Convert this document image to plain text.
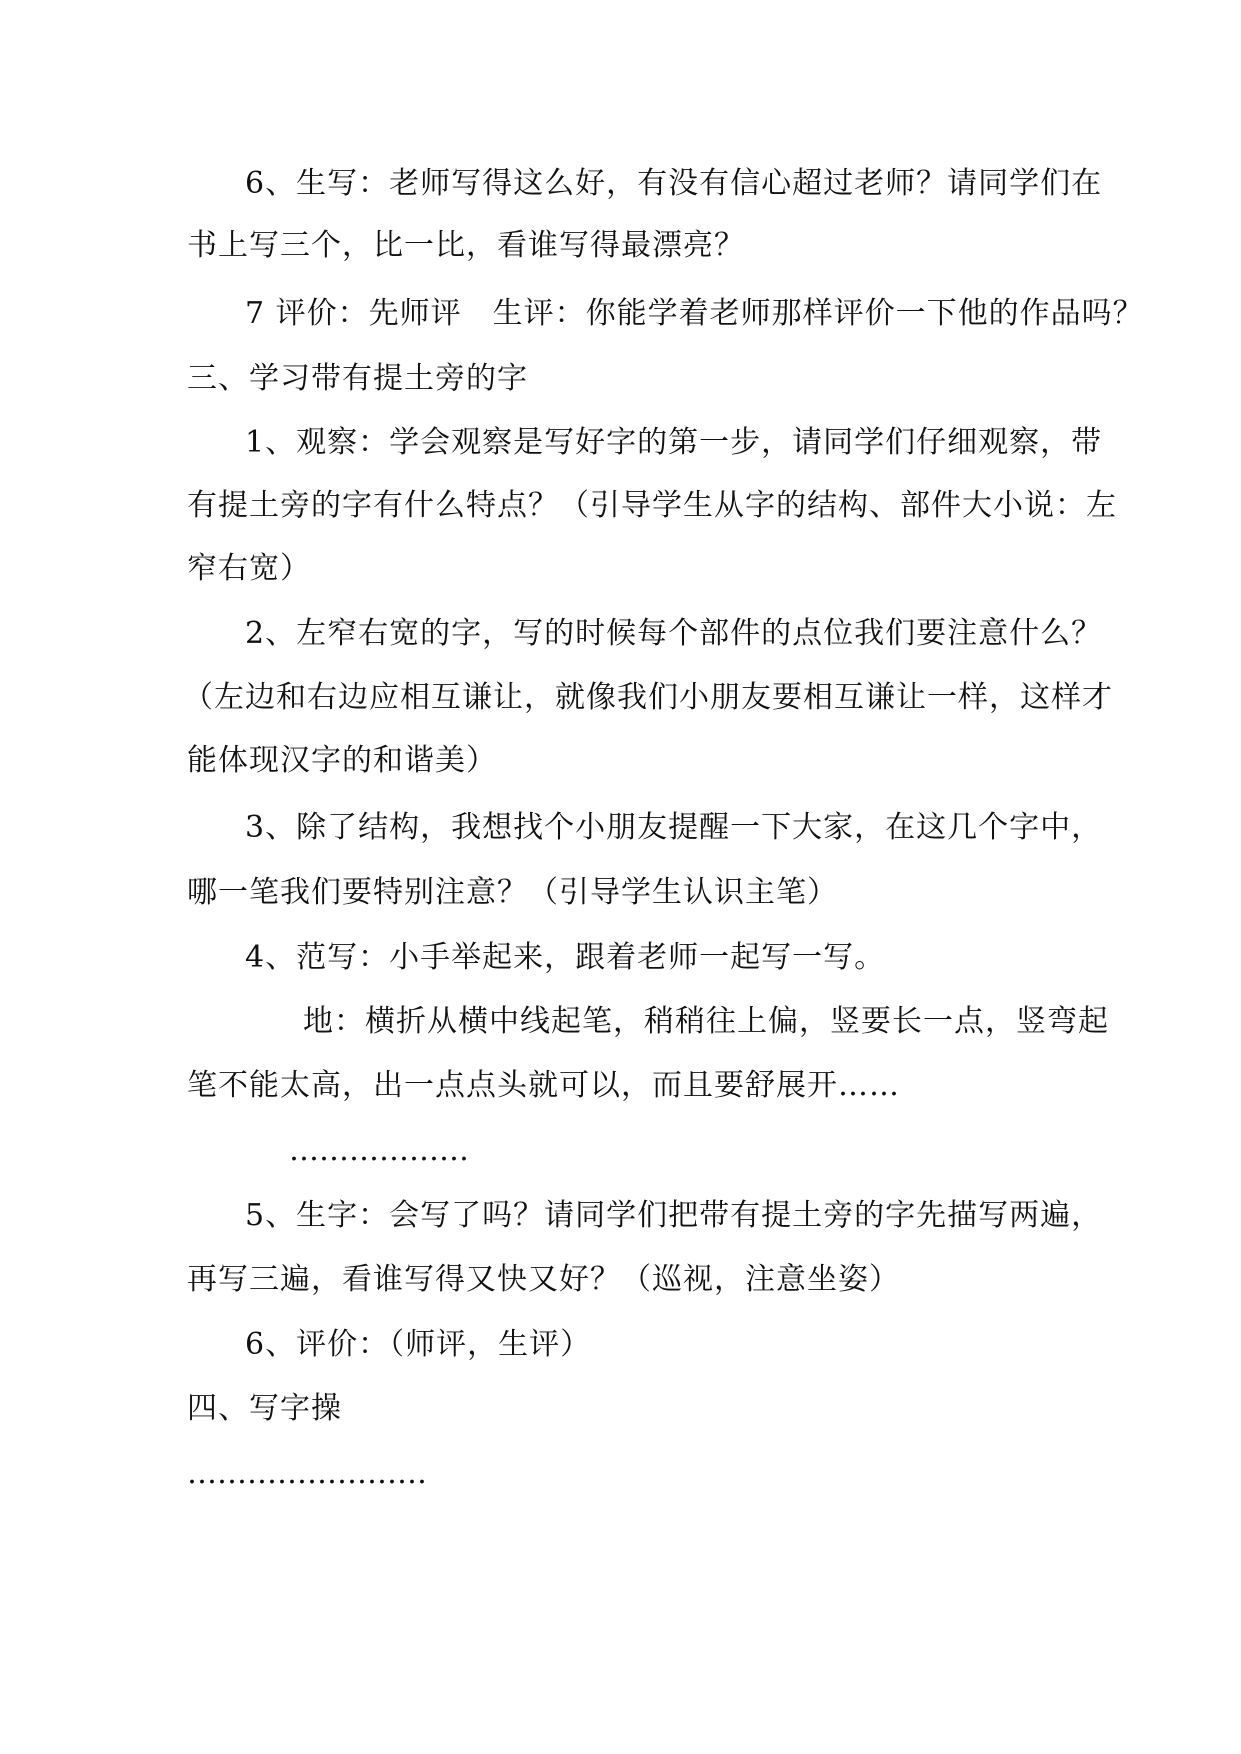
6、生写：老师写得这么好，有没有信心超过老师？请同学们在
书上写三个，比一比，看谁写得最漂亮？
7 评价：先师评　生评：你能学着老师那样评价一下他的作品吗？
三、学习带有提土旁的字
1、观察：学会观察是写好字的第一步，请同学们仔细观察，带
有提土旁的字有什么特点？（引导学生从字的结构、部件大小说：左
窄右宽）
2、左窄右宽的字，写的时候每个部件的点位我们要注意什么？
（左边和右边应相互谦让，就像我们小朋友要相互谦让一样，这样才
能体现汉字的和谐美）
3、除了结构，我想找个小朋友提醒一下大家，在这几个字中，
哪一笔我们要特别注意？（引导学生认识主笔）
4、范写：小手举起来，跟着老师一起写一写。
地：横折从横中线起笔，稍稍往上偏，竖要长一点，竖弯起
笔不能太高，出一点点头就可以，而且要舒展开……
………………
5、生字：会写了吗？请同学们把带有提土旁的字先描写两遍，
再写三遍，看谁写得又快又好？（巡视，注意坐姿）
6、评价：（师评，生评）
四、写字操
……………………
